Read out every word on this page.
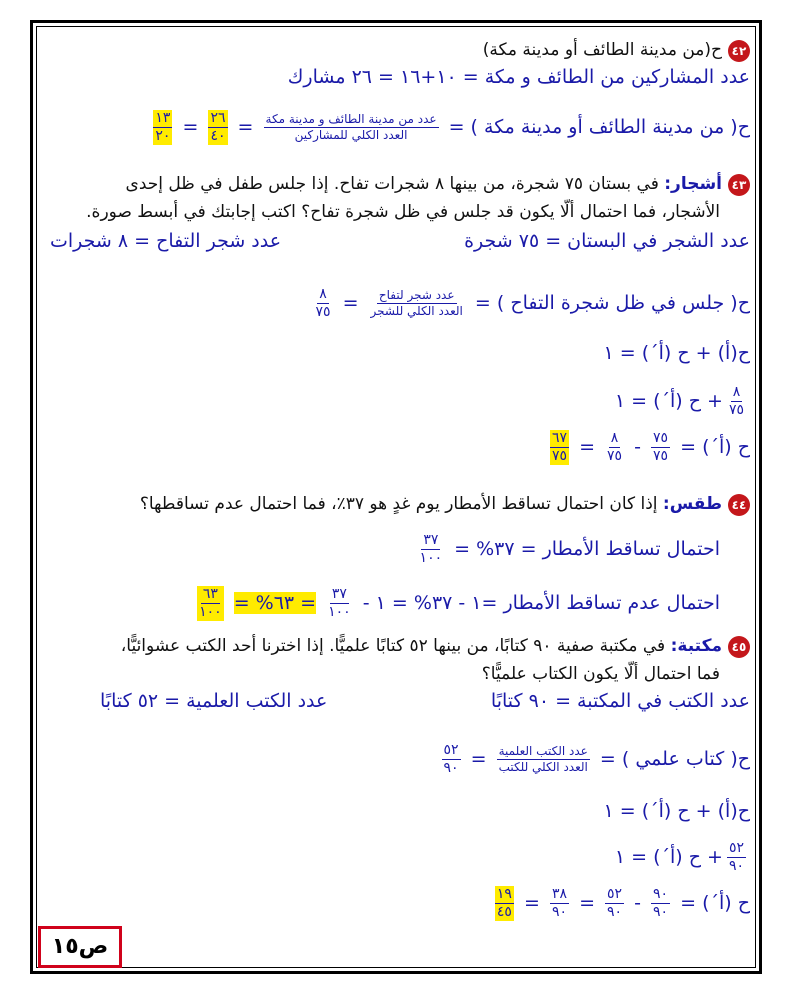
٤٢ح(من مدينة الطائف أو مدينة مكة)
عدد المشاركين من الطائف و مكة = ١٠+١٦ = ٢٦ مشارك
ح( من مدينة الطائف أو مدينة مكة ) =
$\frac{\text{عدد من مدينة الطائف و مدينة مكة}}{\text{العدد الكلي للمشاركين}}$
=
$\frac{٢٦}{٤٠}$
=
$\frac{١٣}{٢٠}$
٤٣أشجار: في بستان ٧٥ شجرة، من بينها ٨ شجرات تفاح. إذا جلس طفل في ظل إحدى
الأشجار، فما احتمال ألّا يكون قد جلس في ظل شجرة تفاح؟ اكتب إجابتك في أبسط صورة.
عدد الشجر في البستان = ٧٥ شجرة
عدد شجر التفاح = ٨ شجرات
ح( جلس في ظل شجرة التفاح ) =
$\frac{\text{عدد شجر لتفاح}}{\text{العدد الكلي للشجر}}$
=
$\frac{٨}{٧٥}$
ح(أ) + ح (أ´) = ١
$\frac{٨}{٧٥}$
+ ح (أ´) = ١
ح (أ´) =
$\frac{٧٥}{٧٥}$
-
$\frac{٨}{٧٥}$
=
$\frac{٦٧}{٧٥}$
٤٤طقس: إذا كان احتمال تساقط الأمطار يوم غدٍ هو ٣٧٪، فما احتمال عدم تساقطها؟
احتمال تساقط الأمطار = ٣٧% =
$\frac{٣٧}{١٠٠}$
احتمال عدم تساقط الأمطار =١ - ٣٧% = ١ -
$\frac{٣٧}{١٠٠}$
= ٦٣% =
$\frac{٦٣}{١٠٠}$
٤٥مكتبة: في مكتبة صفية ٩٠ كتابًا، من بينها ٥٢ كتابًا علميًّا. إذا اخترنا أحد الكتب عشوائيًّا،
فما احتمال ألّا يكون الكتاب علميًّا؟
عدد الكتب في المكتبة = ٩٠ كتابًا
عدد الكتب العلمية = ٥٢ كتابًا
ح( كتاب علمي ) =
$\frac{\text{عدد الكتب العلمية}}{\text{العدد الكلي للكتب}}$
=
$\frac{٥٢}{٩٠}$
ح(أ) + ح (أ´) = ١
$\frac{٥٢}{٩٠}$
+ ح (أ´) = ١
ح (أ´) =
$\frac{٩٠}{٩٠}$
-
$\frac{٥٢}{٩٠}$
=
$\frac{٣٨}{٩٠}$
=
$\frac{١٩}{٤٥}$
ص١٥
